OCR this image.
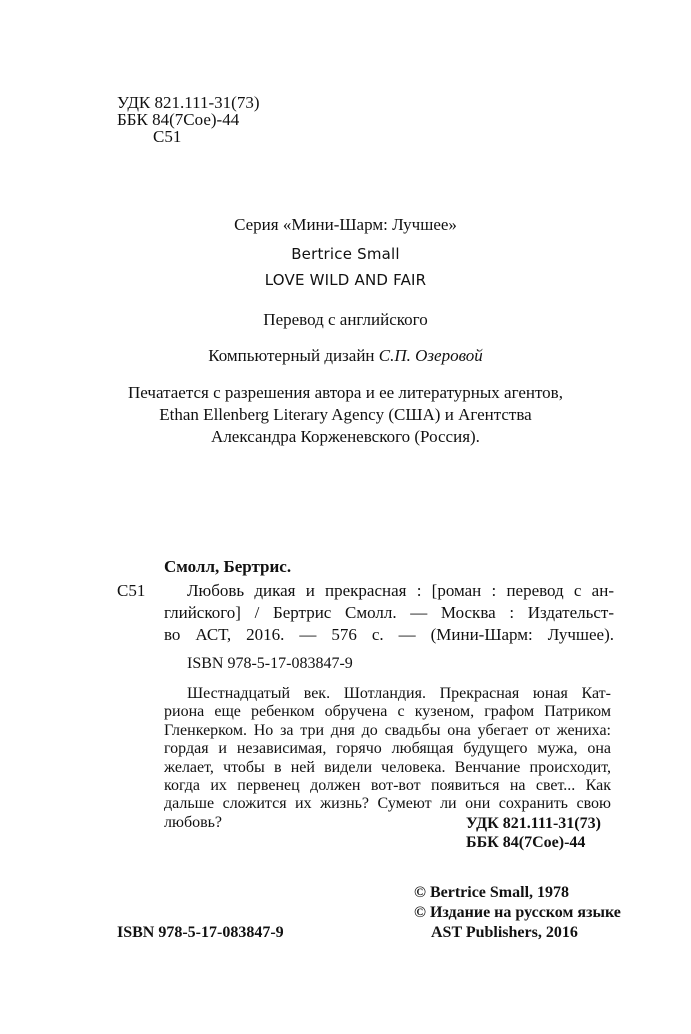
УДК 821.111-31(73)
ББК 84(7Сое)-44
С51
Серия «Мини-Шарм: Лучшее»
Bertrice Small
LOVE WILD AND FAIR
Перевод с английского
Компьютерный дизайн С.П. Озеровой
Печатается с разрешения автора и ее литературных агентов,
Ethan Ellenberg Literary Agency (США) и Агентства
Александра Корженевского (Россия).
Смолл, Бертрис.
С51 Любовь дикая и прекрасная : [роман : перевод с ан-
глийского] / Бертрис Смолл. — Москва : Издательст-
во АСТ, 2016. — 576 с. — (Мини-Шарм: Лучшее).
ISBN 978-5-17-083847-9
Шестнадцатый век. Шотландия. Прекрасная юная Кат-
риона еще ребенком обручена с кузеном, графом Патриком
Гленкерком. Но за три дня до свадьбы она убегает от жениха:
гордая и независимая, горячо любящая будущего мужа, она
желает, чтобы в ней видели человека. Венчание происходит,
когда их первенец должен вот-вот появиться на свет... Как
дальше сложится их жизнь? Сумеют ли они сохранить свою
любовь?	УДК 821.111-31(73)
ББК 84(7Сое)-44
© Bertrice Small, 1978
© Издание на русском языке
AST Publishers, 2016
ISBN 978-5-17-083847-9
